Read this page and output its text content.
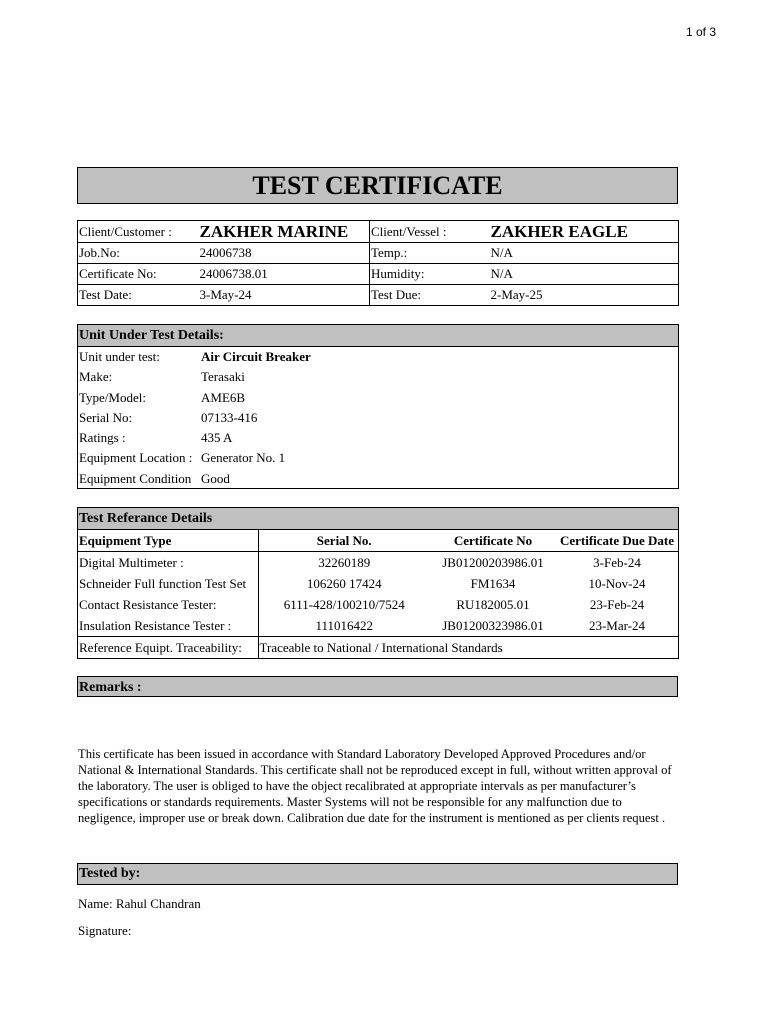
1 of 3
TEST CERTIFICATE
Client/Customer :	ZAKHER MARINE	Client/Vessel :	ZAKHER EAGLE
Job.No:	24006738	Temp.:	N/A
Certificate No:	24006738.01	Humidity:	N/A
Test Date:	3-May-24	Test Due:	2-May-25
Unit Under Test Details:
Unit under test:	Air Circuit Breaker
Make:	Terasaki
Type/Model:	AME6B
Serial No:	07133-416
Ratings :	435 A
Equipment Location : Generator No. 1
Equipment Condition Good
Test Referance Details
Equipment Type	Serial No.	Certificate No	Certificate Due Date
Digital Multimeter :	32260189	JB01200203986.01	3-Feb-24
Schneider Full function Test Set	106260 17424	FM1634	10-Nov-24
Contact Resistance Tester:	6111-428/100210/7524	RU182005.01	23-Feb-24
Insulation Resistance Tester :	111016422	JB01200323986.01	23-Mar-24
Reference Equipt. Traceability:	Traceable to National / International Standards		
Remarks :
This certificate has been issued in accordance with Standard Laboratory Developed Approved Procedures and/or National & International Standards. This certificate shall not be reproduced except in full, without written approval of the laboratory. The user is obliged to have the object recalibrated at appropriate intervals as per manufacturer’s specifications or standards requirements. Master Systems will not be responsible for any malfunction due to negligence, improper use or break down. Calibration due date for the instrument is mentioned as per clients request .
Tested by:
Name: Rahul Chandran
Signature:
